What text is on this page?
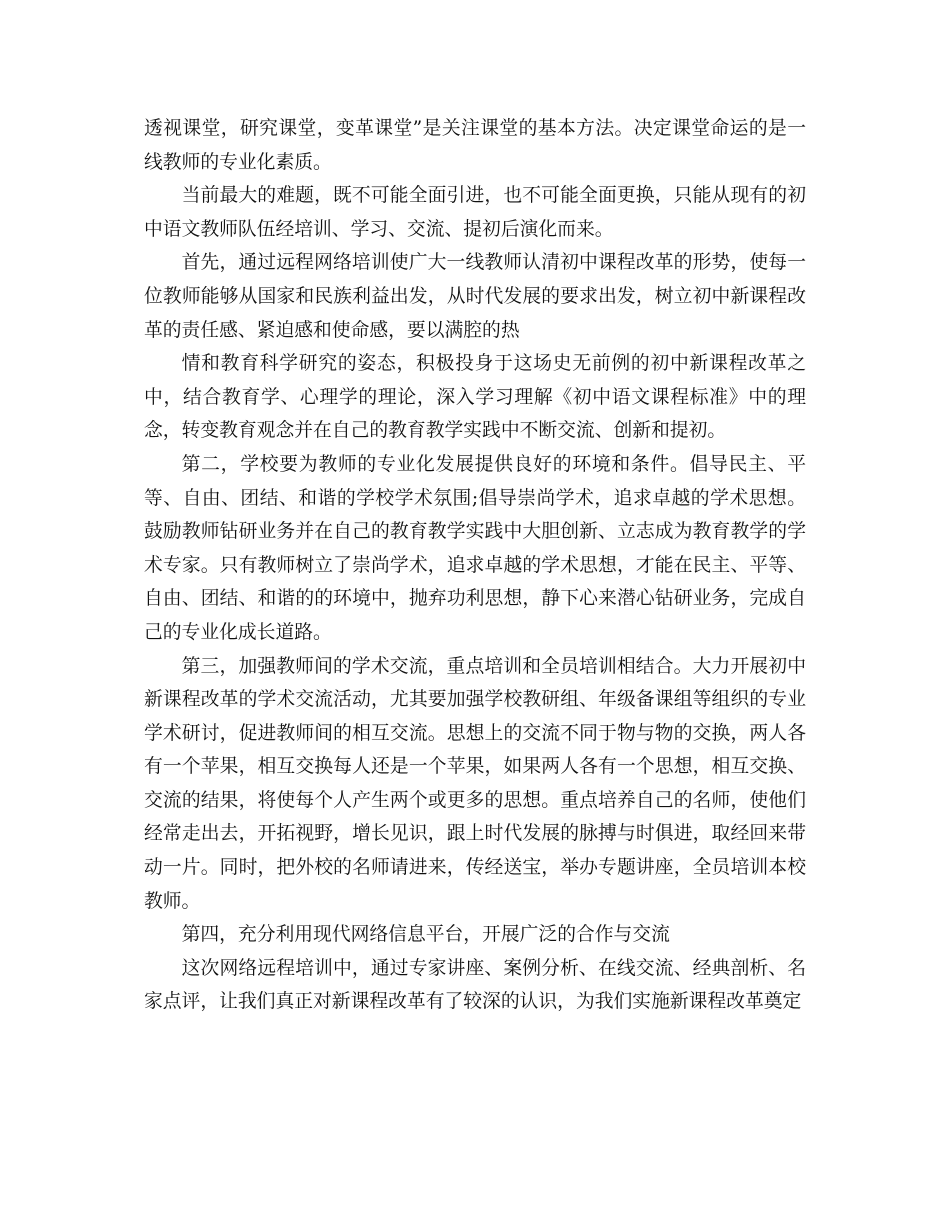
透视课堂，研究课堂，变革课堂”是关注课堂的基本方法。决定课堂命运的是一线教师的专业化素质。

当前最大的难题，既不可能全面引进，也不可能全面更换，只能从现有的初中语文教师队伍经培训、学习、交流、提初后演化而来。

首先，通过远程网络培训使广大一线教师认清初中课程改革的形势，使每一位教师能够从国家和民族利益出发，从时代发展的要求出发，树立初中新课程改革的责任感、紧迫感和使命感，要以满腔的热

情和教育科学研究的姿态，积极投身于这场史无前例的初中新课程改革之中，结合教育学、心理学的理论，深入学习理解《初中语文课程标准》中的理念，转变教育观念并在自己的教育教学实践中不断交流、创新和提初。

第二，学校要为教师的专业化发展提供良好的环境和条件。倡导民主、平等、自由、团结、和谐的学校学术氛围;倡导崇尚学术，追求卓越的学术思想。鼓励教师钻研业务并在自己的教育教学实践中大胆创新、立志成为教育教学的学术专家。只有教师树立了崇尚学术，追求卓越的学术思想，才能在民主、平等、自由、团结、和谐的的环境中，抛弃功利思想，静下心来潜心钻研业务，完成自己的专业化成长道路。

第三，加强教师间的学术交流，重点培训和全员培训相结合。大力开展初中新课程改革的学术交流活动，尤其要加强学校教研组、年级备课组等组织的专业学术研讨，促进教师间的相互交流。思想上的交流不同于物与物的交换，两人各有一个苹果，相互交换每人还是一个苹果，如果两人各有一个思想，相互交换、交流的结果，将使每个人产生两个或更多的思想。重点培养自己的名师，使他们经常走出去，开拓视野，增长见识，跟上时代发展的脉搏与时俱进，取经回来带动一片。同时，把外校的名师请进来，传经送宝，举办专题讲座，全员培训本校教师。

第四，充分利用现代网络信息平台，开展广泛的合作与交流

这次网络远程培训中，通过专家讲座、案例分析、在线交流、经典剖析、名家点评，让我们真正对新课程改革有了较深的认识，为我们实施新课程改革奠定
